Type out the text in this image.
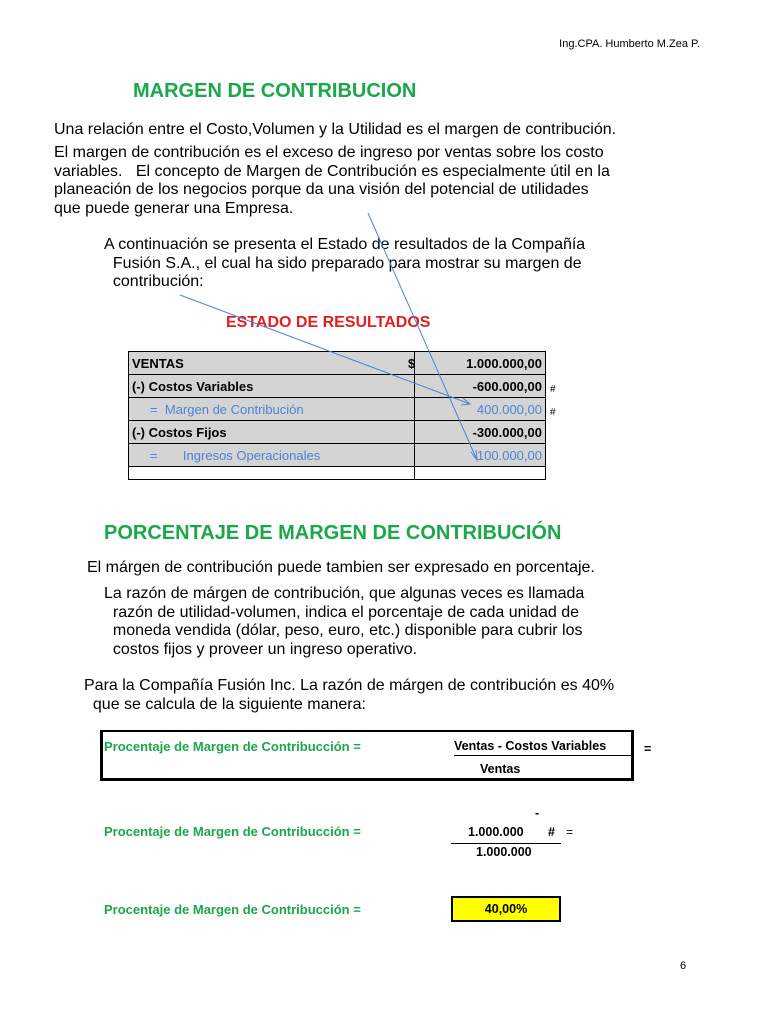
Ing.CPA. Humberto M.Zea P.
MARGEN DE CONTRIBUCION
Una relación entre el Costo,Volumen y la Utilidad es el margen de contribución.
El margen de contribución es el exceso de ingreso por ventas sobre los costo
variables.   El concepto de Margen de Contribución es especialmente útil en la
planeación de los negocios porque da una visión del potencial de utilidades
que puede generar una Empresa.
A continuación se presenta el Estado de resultados de la Compañía
Fusión S.A., el cual ha sido preparado para mostrar su margen de
contribución:
ESTADO DE RESULTADOS
VENTAS $	1.000.000,00
(-) Costos Variables	-600.000,00
=  Margen de Contribución	400.000,00
(-) Costos Fijos	-300.000,00
=       Ingresos Operacionales	100.000,00

#
#
PORCENTAJE DE MARGEN DE CONTRIBUCIÓN
El márgen de contribución puede tambien ser expresado en porcentaje.
La razón de márgen de contribución, que algunas veces es llamada
razón de utilidad-volumen, indica el porcentaje de cada unidad de
moneda vendida (dólar, peso, euro, etc.) disponible para cubrir los
costos fijos y proveer un ingreso operativo.
Para la Compañía Fusión Inc. La razón de márgen de contribución es 40%
que se calcula de la siguiente manera:
Procentaje de Margen de Contribucción =	Ventas - Costos Variables	=
Ventas
-
Procentaje de Margen de Contribucción =	1.000.000 # =
1.000.000
Procentaje de Margen de Contribucción =	40,00%
6
